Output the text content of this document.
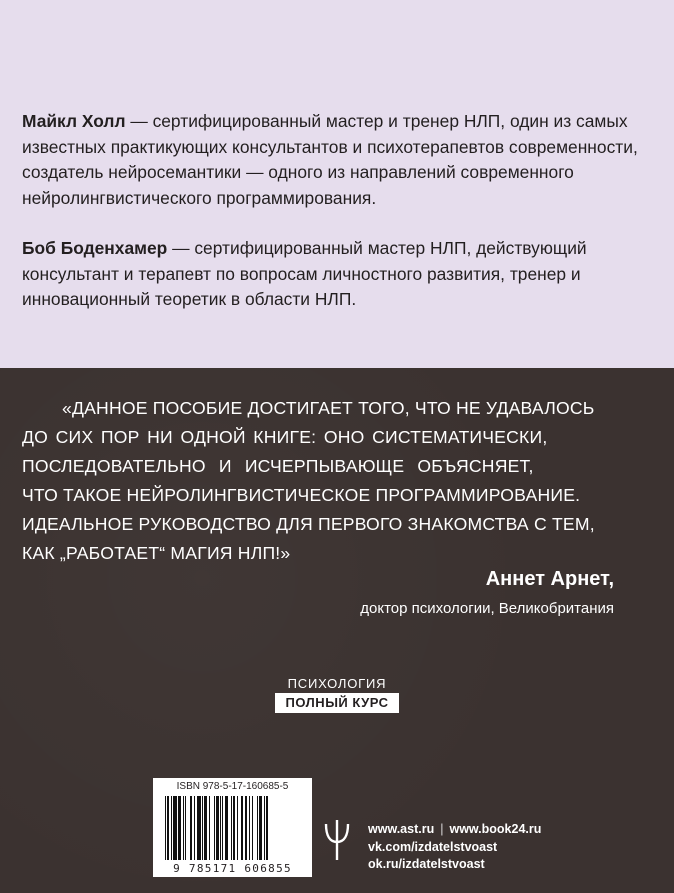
Майкл Холл — сертифицированный мастер и тренер НЛП, один из самых известных практикующих консультантов и психотерапевтов современности, создатель нейросемантики — одного из направлений современного нейролингвистического программирования.

Боб Боденхамер — сертифицированный мастер НЛП, действующий консультант и терапевт по вопросам личностного развития, тренер и инновационный теоретик в области НЛП.

«ДАННОЕ ПОСОБИЕ ДОСТИГАЕТ ТОГО, ЧТО НЕ УДАВАЛОСЬ
ДО СИХ ПОР НИ ОДНОЙ КНИГЕ: ОНО СИСТЕМАТИЧЕСКИ,
ПОСЛЕДОВАТЕЛЬНО И ИСЧЕРПЫВАЮЩЕ ОБЪЯСНЯЕТ,
ЧТО ТАКОЕ НЕЙРОЛИНГВИСТИЧЕСКОЕ ПРОГРАММИРОВАНИЕ.
ИДЕАЛЬНОЕ РУКОВОДСТВО ДЛЯ ПЕРВОГО ЗНАКОМСТВА С ТЕМ,
КАК „РАБОТАЕТ“ МАГИЯ НЛП!»
Аннет Арнет,
доктор психологии, Великобритания
ПСИХОЛОГИЯ
ПОЛНЫЙ КУРС
ISBN 978-5-17-160685-5
9 785171 606855
www.ast.ru | www.book24.ru
vk.com/izdatelstvoast
ok.ru/izdatelstvoast
